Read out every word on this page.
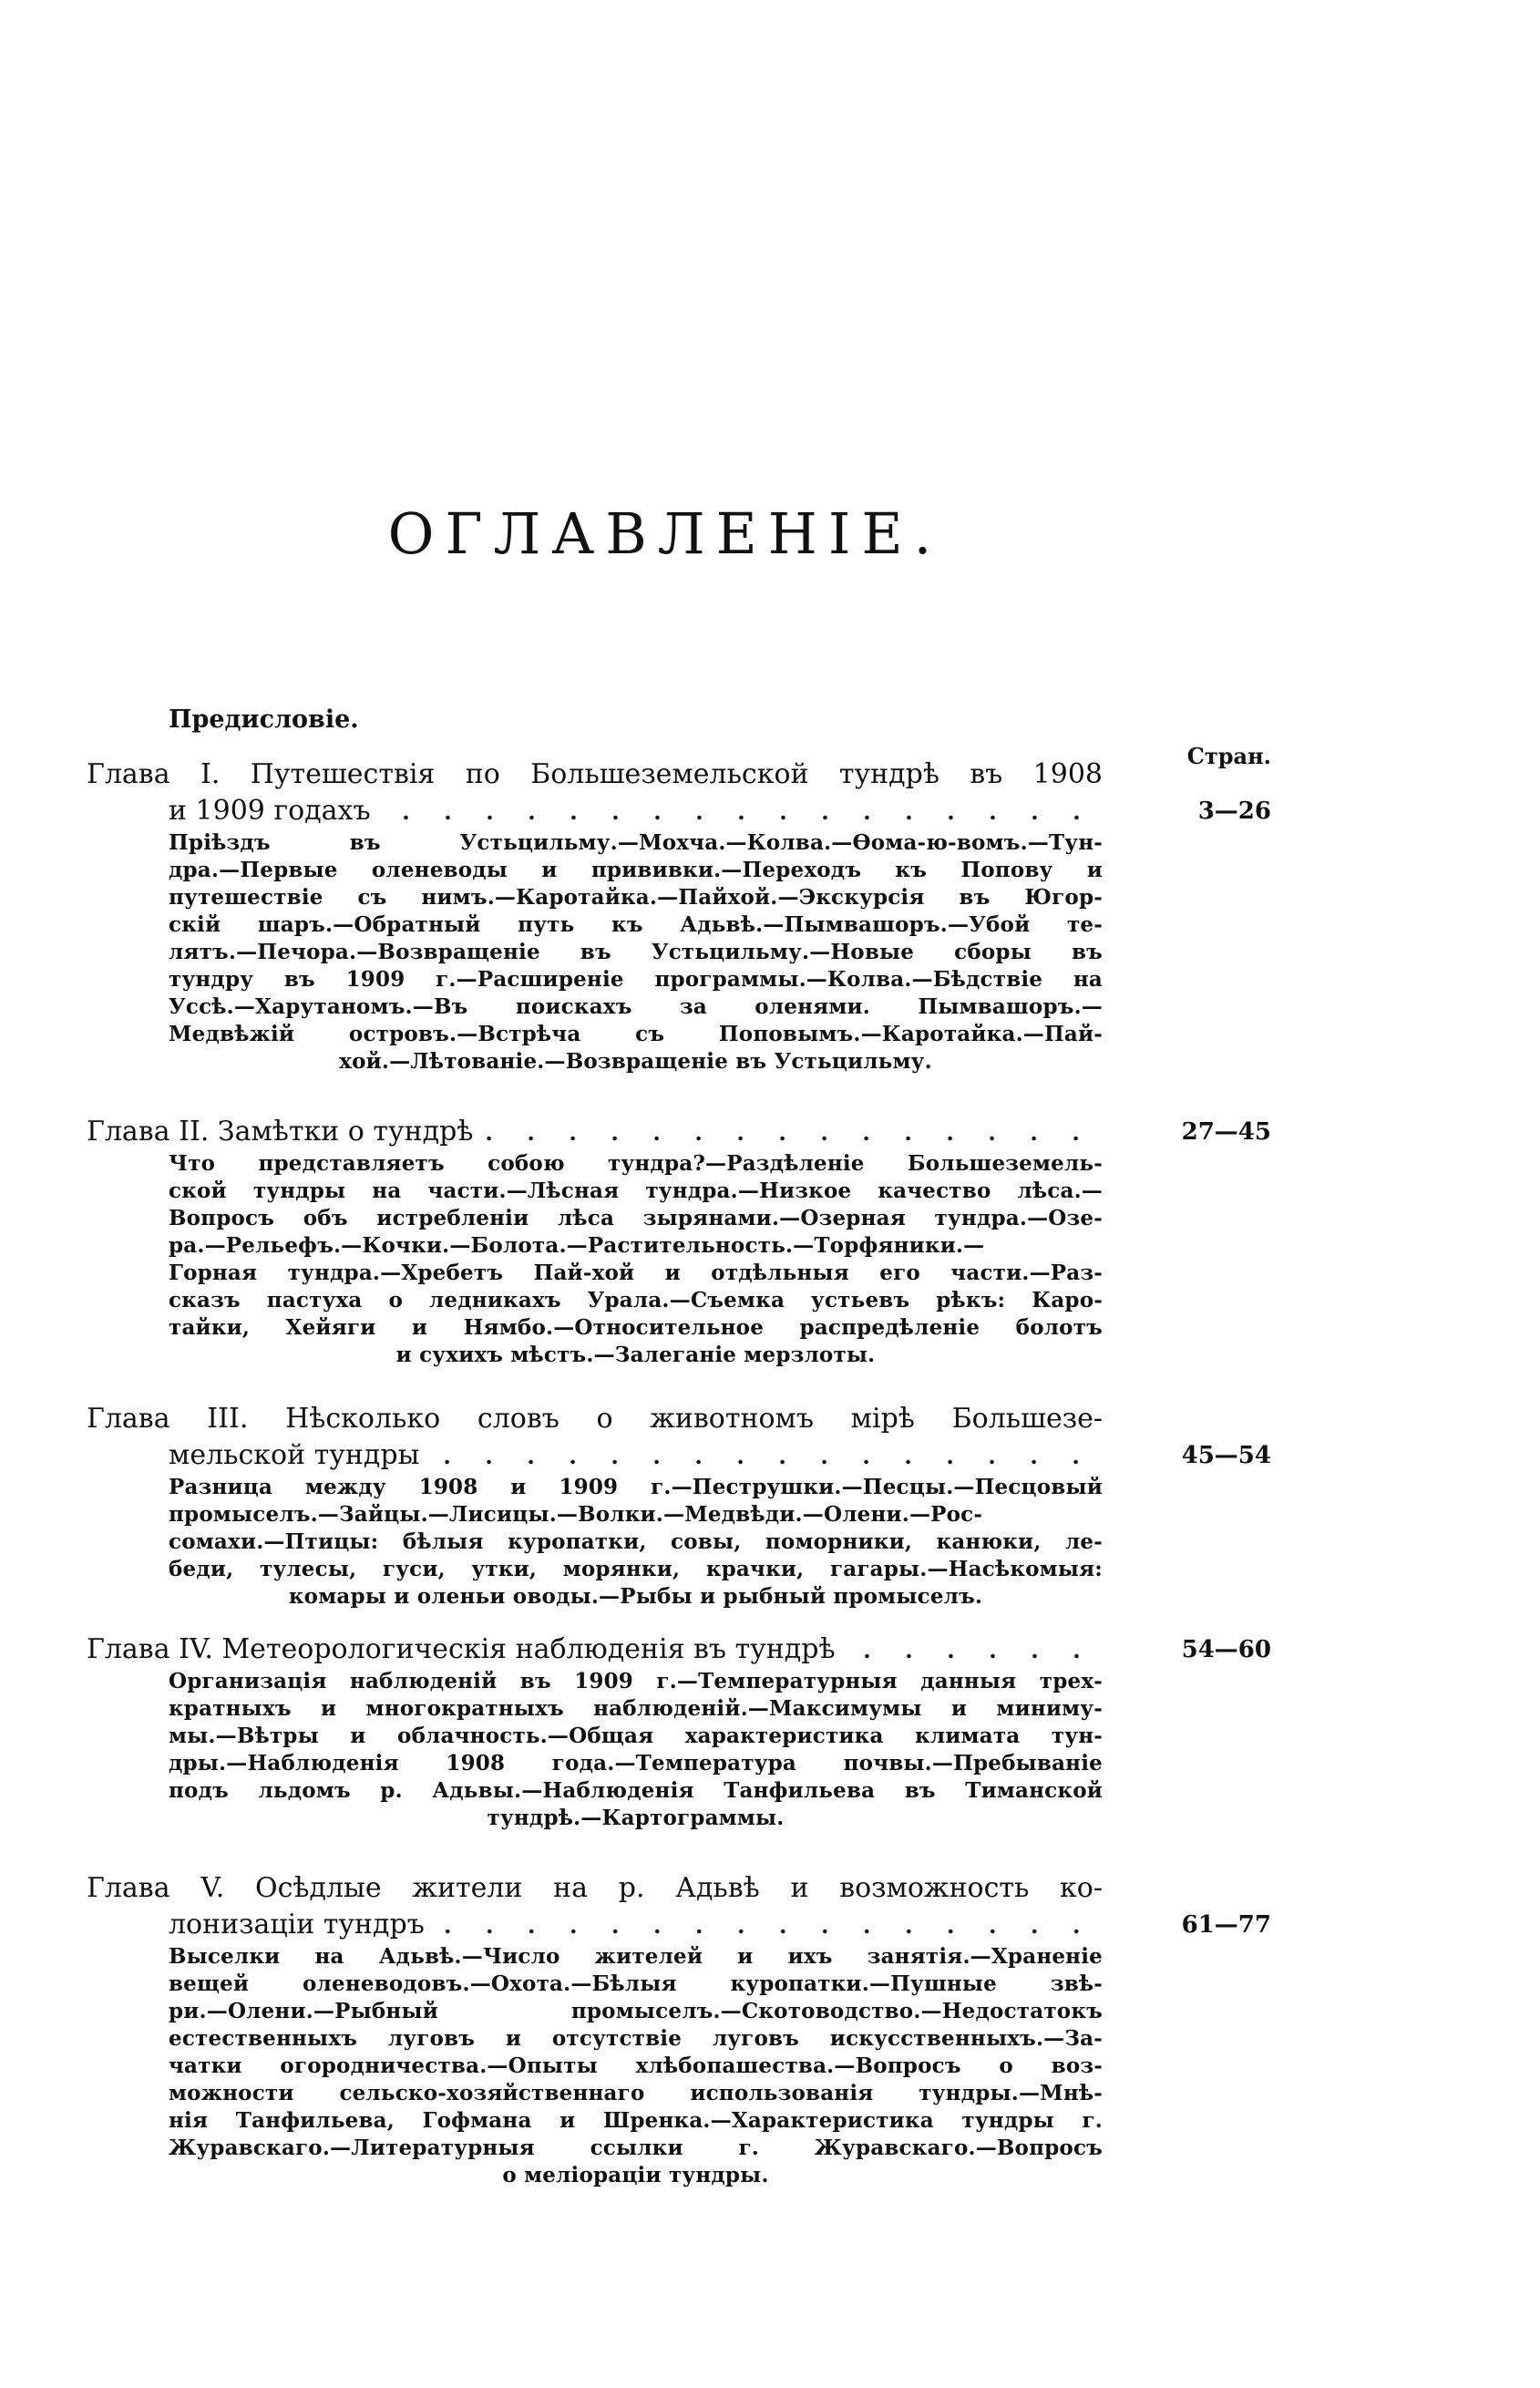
ОГЛАВЛЕНІЕ.
Предисловіе.
Стран.
Глава I. Путешествія по Большеземельской тундрѣ въ 1908
и 1909 годахъ	3—26
Пріѣздъ въ Устьцильму.—Мохча.—Колва.—Ѳома-ю-вомъ.—Тун-
дра.—Первые оленеводы и прививки.—Переходъ къ Попову и
путешествіе съ нимъ.—Каротайка.—Пайхой.—Экскурсія въ Югор-
скій шаръ.—Обратный путь къ Адьвѣ.—Пымвашоръ.—Убой те-
лятъ.—Печора.—Возвращеніе въ Устьцильму.—Новые сборы въ
тундру въ 1909 г.—Расширеніе программы.—Колва.—Бѣдствіе на
Уссѣ.—Харутаномъ.—Въ поискахъ за оленями. Пымвашоръ.—
Медвѣжій островъ.—Встрѣча съ Поповымъ.—Каротайка.—Пай-
хой.—Лѣтованіе.—Возвращеніе въ Устьцильму.
Глава II. Замѣтки о тундрѣ	27—45
Что представляетъ собою тундра?—Раздѣленіе Большеземель-
ской тундры на части.—Лѣсная тундра.—Низкое качество лѣса.—
Вопросъ объ истребленіи лѣса зырянами.—Озерная тундра.—Озе-
ра.—Рельефъ.—Кочки.—Болота.—Растительность.—Торфяники.—
Горная тундра.—Хребетъ Пай-хой и отдѣльныя его части.—Раз-
сказъ пастуха о ледникахъ Урала.—Съемка устьевъ рѣкъ: Каро-
тайки, Хейяги и Нямбо.—Относительное распредѣленіе болотъ
и сухихъ мѣстъ.—Залеганіе мерзлоты.
Глава III. Нѣсколько словъ о животномъ мірѣ Большезе-
мельской тундры	45—54
Разница между 1908 и 1909 г.—Пеструшки.—Песцы.—Песцовый
промыселъ.—Зайцы.—Лисицы.—Волки.—Медвѣди.—Олени.—Рос-
сомахи.—Птицы: бѣлыя куропатки, совы, поморники, канюки, ле-
беди, тулесы, гуси, утки, морянки, крачки, гагары.—Насѣкомыя:
комары и оленьи оводы.—Рыбы и рыбный промыселъ.
Глава IV. Метеорологическія наблюденія въ тундрѣ	54—60
Организація наблюденій въ 1909 г.—Температурныя данныя трех-
кратныхъ и многократныхъ наблюденій.—Максимумы и миниму-
мы.—Вѣтры и облачность.—Общая характеристика климата тун-
дры.—Наблюденія 1908 года.—Температура почвы.—Пребываніе
подъ льдомъ р. Адьвы.—Наблюденія Танфильева въ Тиманской
тундрѣ.—Картограммы.
Глава V. Осѣдлые жители на р. Адьвѣ и возможность ко-
лонизаціи тундръ	61—77
Выселки на Адьвѣ.—Число жителей и ихъ занятія.—Храненіе
вещей оленеводовъ.—Охота.—Бѣлыя куропатки.—Пушные звѣ-
ри.—Олени.—Рыбный промыселъ.—Скотоводство.—Недостатокъ
естественныхъ луговъ и отсутствіе луговъ искусственныхъ.—За-
чатки огородничества.—Опыты хлѣбопашества.—Вопросъ о воз-
можности сельско-хозяйственнаго использованія тундры.—Мнѣ-
нія Танфильева, Гофмана и Шренка.—Характеристика тундры г.
Журавскаго.—Литературныя ссылки г. Журавскаго.—Вопросъ
о меліораціи тундры.
